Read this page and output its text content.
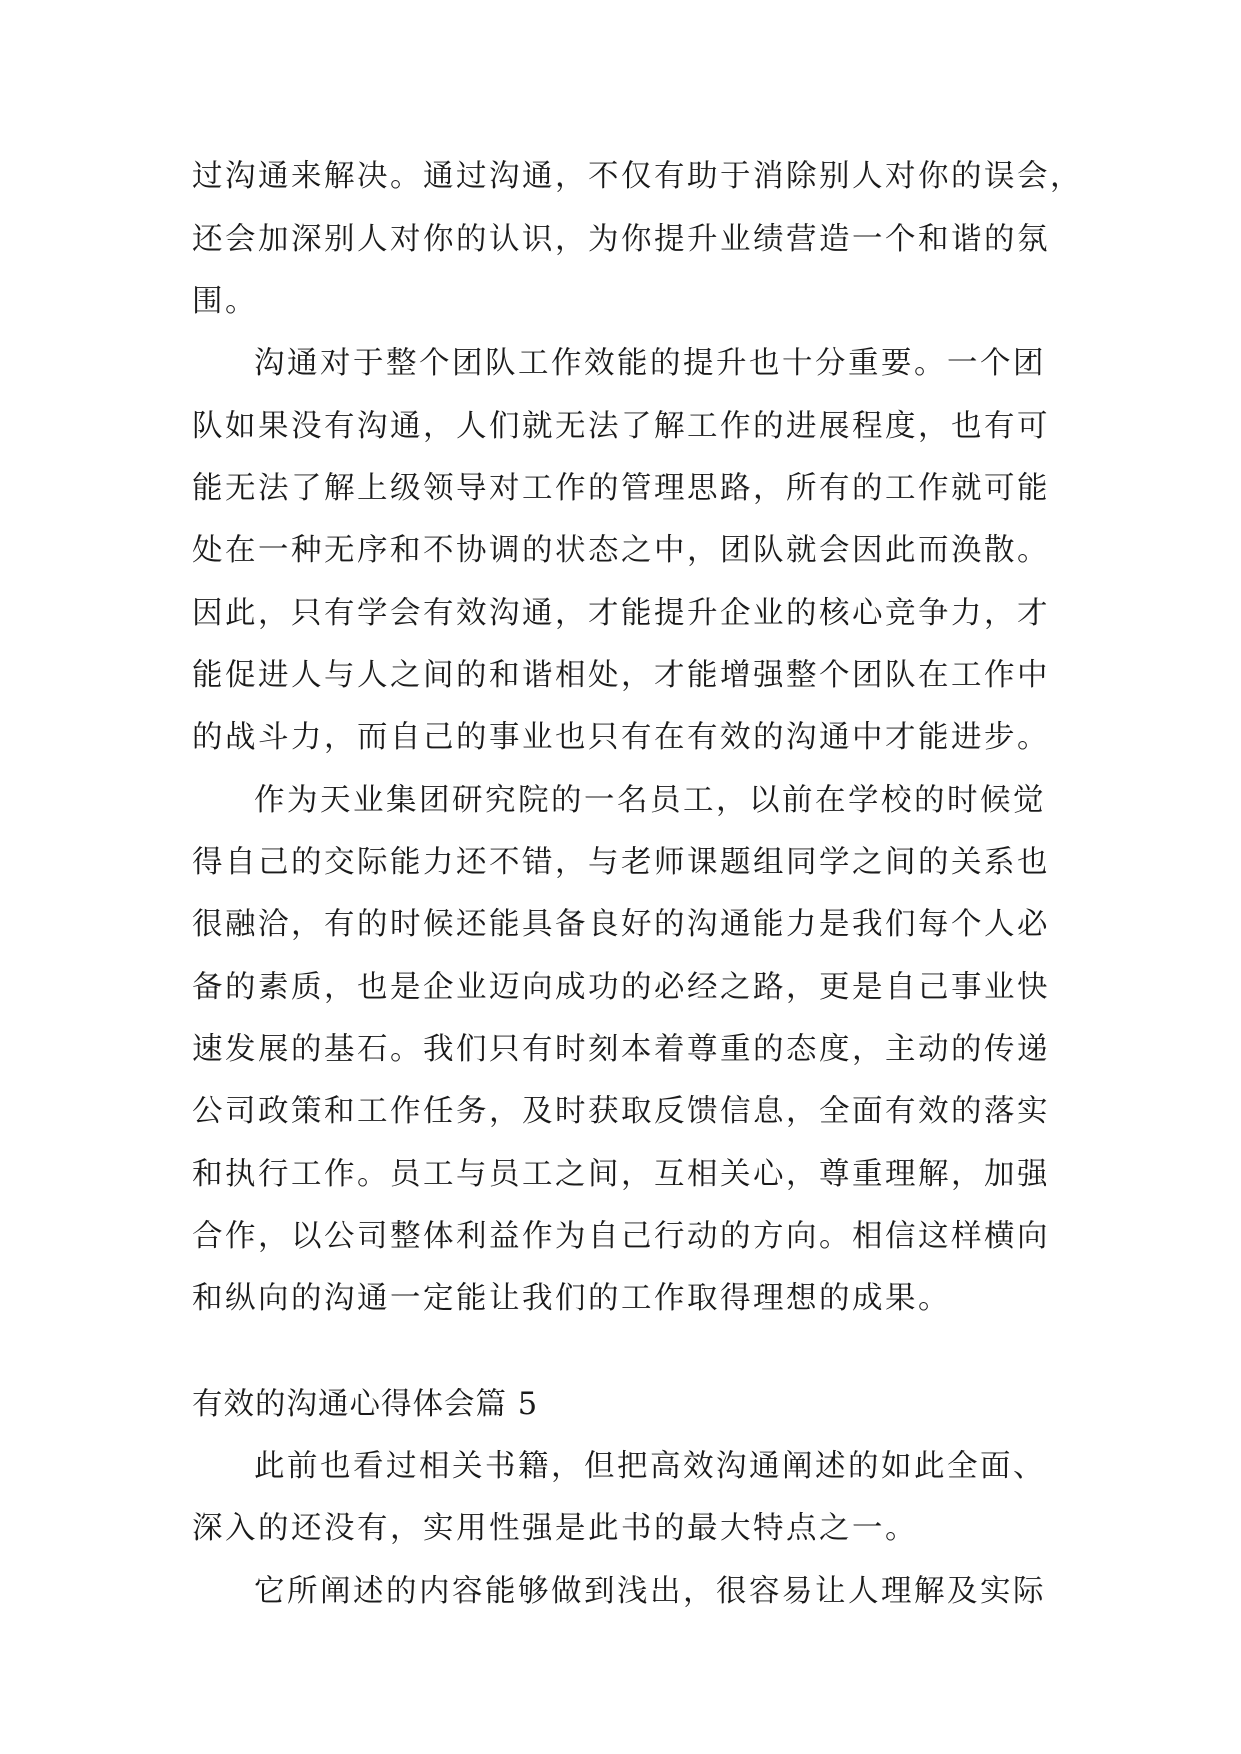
过沟通来解决。通过沟通，不仅有助于消除别人对你的误会，
还会加深别人对你的认识，为你提升业绩营造一个和谐的氛
围。
沟通对于整个团队工作效能的提升也十分重要。一个团
队如果没有沟通，人们就无法了解工作的进展程度，也有可
能无法了解上级领导对工作的管理思路，所有的工作就可能
处在一种无序和不协调的状态之中，团队就会因此而涣散。
因此，只有学会有效沟通，才能提升企业的核心竞争力，才
能促进人与人之间的和谐相处，才能增强整个团队在工作中
的战斗力，而自己的事业也只有在有效的沟通中才能进步。
作为天业集团研究院的一名员工，以前在学校的时候觉
得自己的交际能力还不错，与老师课题组同学之间的关系也
很融洽，有的时候还能具备良好的沟通能力是我们每个人必
备的素质，也是企业迈向成功的必经之路，更是自己事业快
速发展的基石。我们只有时刻本着尊重的态度，主动的传递
公司政策和工作任务，及时获取反馈信息，全面有效的落实
和执行工作。员工与员工之间，互相关心，尊重理解，加强
合作，以公司整体利益作为自己行动的方向。相信这样横向
和纵向的沟通一定能让我们的工作取得理想的成果。
有效的沟通心得体会篇 5
此前也看过相关书籍，但把高效沟通阐述的如此全面、
深入的还没有，实用性强是此书的最大特点之一。
它所阐述的内容能够做到浅出，很容易让人理解及实际
